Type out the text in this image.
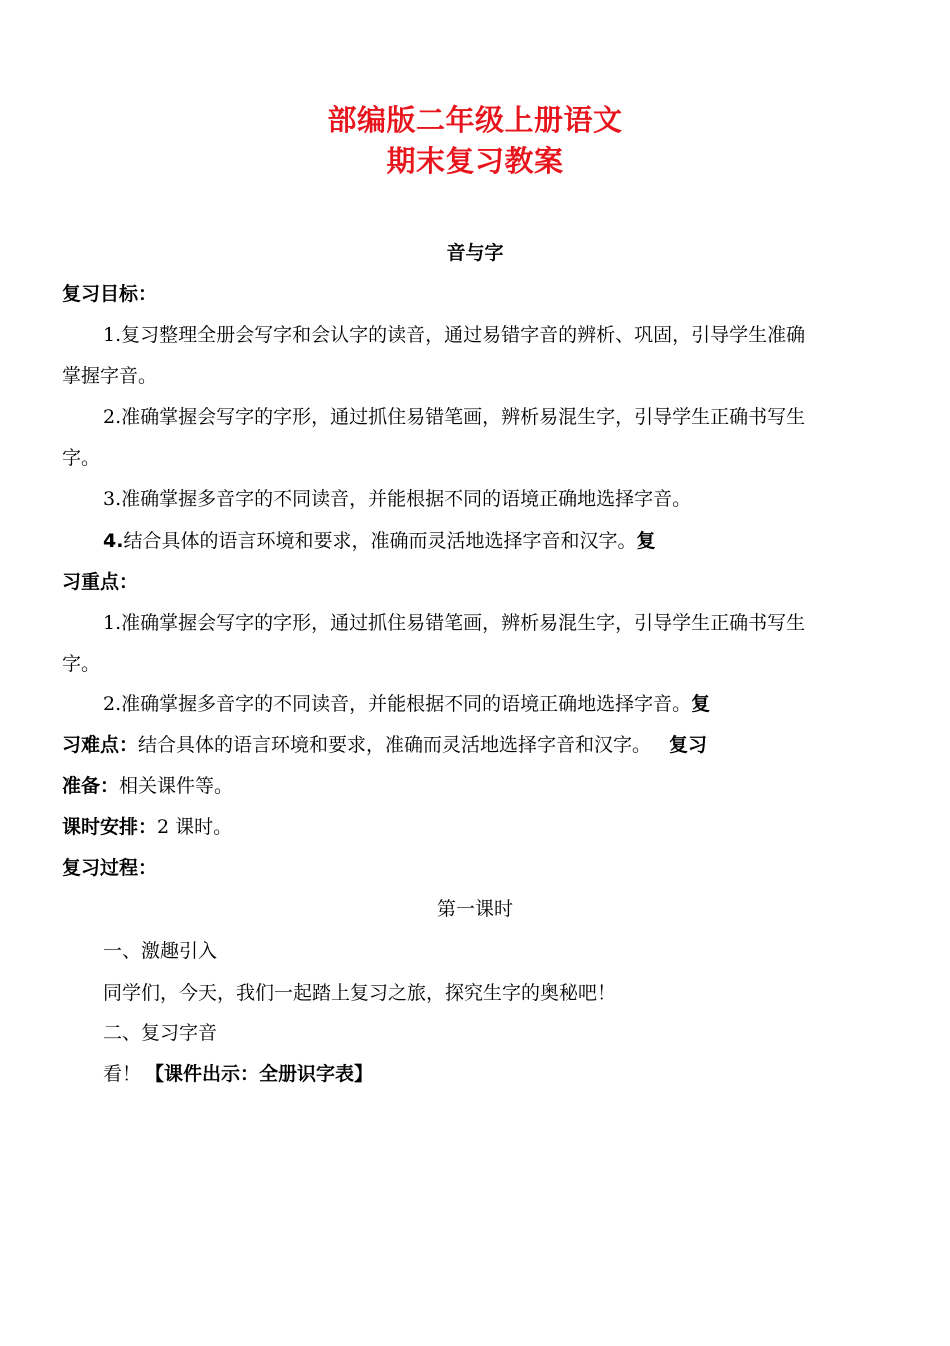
部编版二年级上册语文
期末复习教案
音与字
复习目标：
1.复习整理全册会写字和会认字的读音，通过易错字音的辨析、巩固，引导学生准确
掌握字音。
2.准确掌握会写字的字形，通过抓住易错笔画，辨析易混生字，引导学生正确书写生
字。
3.准确掌握多音字的不同读音，并能根据不同的语境正确地选择字音。
4.结合具体的语言环境和要求，准确而灵活地选择字音和汉字。复
习重点：
1.准确掌握会写字的字形，通过抓住易错笔画，辨析易混生字，引导学生正确书写生
字。
2.准确掌握多音字的不同读音，并能根据不同的语境正确地选择字音。复
习难点：结合具体的语言环境和要求，准确而灵活地选择字音和汉字。 复习
准备：相关课件等。
课时安排：2 课时。
复习过程：
第一课时
一、激趣引入
同学们，今天，我们一起踏上复习之旅，探究生字的奥秘吧！
二、复习字音
看！ 【课件出示：全册识字表】
